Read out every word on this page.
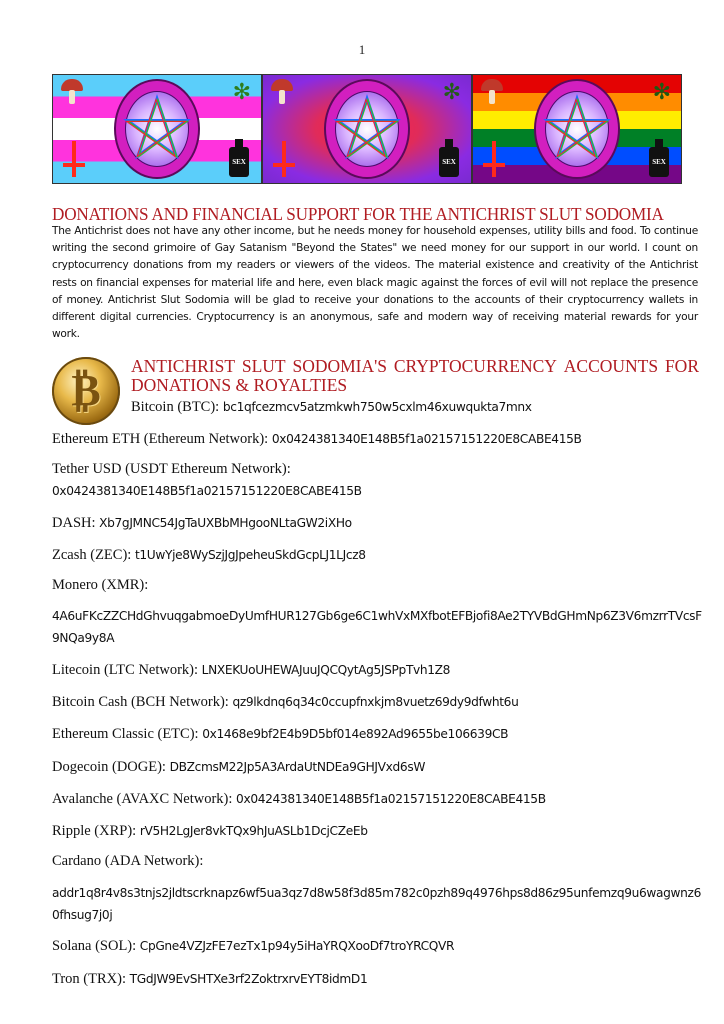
1
✻
SEX
✻
SEX
✻
SEX
DONATIONS AND FINANCIAL SUPPORT FOR THE ANTICHRIST SLUT SODOMIA
The Antichrist does not have any other income, but he needs money for household expenses, utility bills and food. To continue writing the second grimoire of Gay Satanism "Beyond the States" we need money for our support in our world. I count on cryptocurrency donations from my readers or viewers of the videos. The material existence and creativity of the Antichrist rests on financial expenses for material life and here, even black magic against the forces of evil will not replace the presence of money. Antichrist Slut Sodomia will be glad to receive your donations to the accounts of their cryptocurrency wallets in different digital currencies. Cryptocurrency is an anonymous, safe and modern way of receiving material rewards for your work.
₿	ANTICHRIST SLUT SODOMIA'S CRYPTOCURRENCY ACCOUNTS FOR
DONATIONS & ROYALTIES
Bitcoin (BTC): bc1qfcezmcv5atzmkwh750w5cxlm46xuwqukta7mnx
Ethereum ETH (Ethereum Network): 0x0424381340E148B5f1a02157151220E8CABE415B
Tether USD (USDT Ethereum Network):
0x0424381340E148B5f1a02157151220E8CABE415B
DASH: Xb7gJMNC54JgTaUXBbMHgooNLtaGW2iXHo
Zcash (ZEC): t1UwYje8WySzjJgJpeheuSkdGcpLJ1LJcz8
Monero (XMR):
4A6uFKcZZCHdGhvuqgabmoeDyUmfHUR127Gb6ge6C1whVxMXfbotEFBjofi8Ae2TYVBdGHmNp6Z3V6mzrrTVcsF9NQa9y8A
Litecoin (LTC Network): LNXEKUoUHEWAJuuJQCQytAg5JSPpTvh1Z8
Bitcoin Cash (BCH Network): qz9lkdnq6q34c0ccupfnxkjm8vuetz69dy9dfwht6u
Ethereum Classic (ETC): 0x1468e9bf2E4b9D5bf014e892Ad9655be106639CB
Dogecoin (DOGE): DBZcmsM22Jp5A3ArdaUtNDEa9GHJVxd6sW
Avalanche (AVAXC Network): 0x0424381340E148B5f1a02157151220E8CABE415B
Ripple (XRP): rV5H2LgJer8vkTQx9hJuASLb1DcjCZeEb
Cardano (ADA Network):
addr1q8r4v8s3tnjs2jldtscrknapz6wf5ua3qz7d8w58f3d85m782c0pzh89q4976hps8d86z95unfemzq9u6wagwnz60fhsug7j0j
Solana (SOL): CpGne4VZJzFE7ezTx1p94y5iHaYRQXooDf7troYRCQVR
Tron (TRX): TGdJW9EvSHTXe3rf2ZoktrxrvEYT8idmD1
